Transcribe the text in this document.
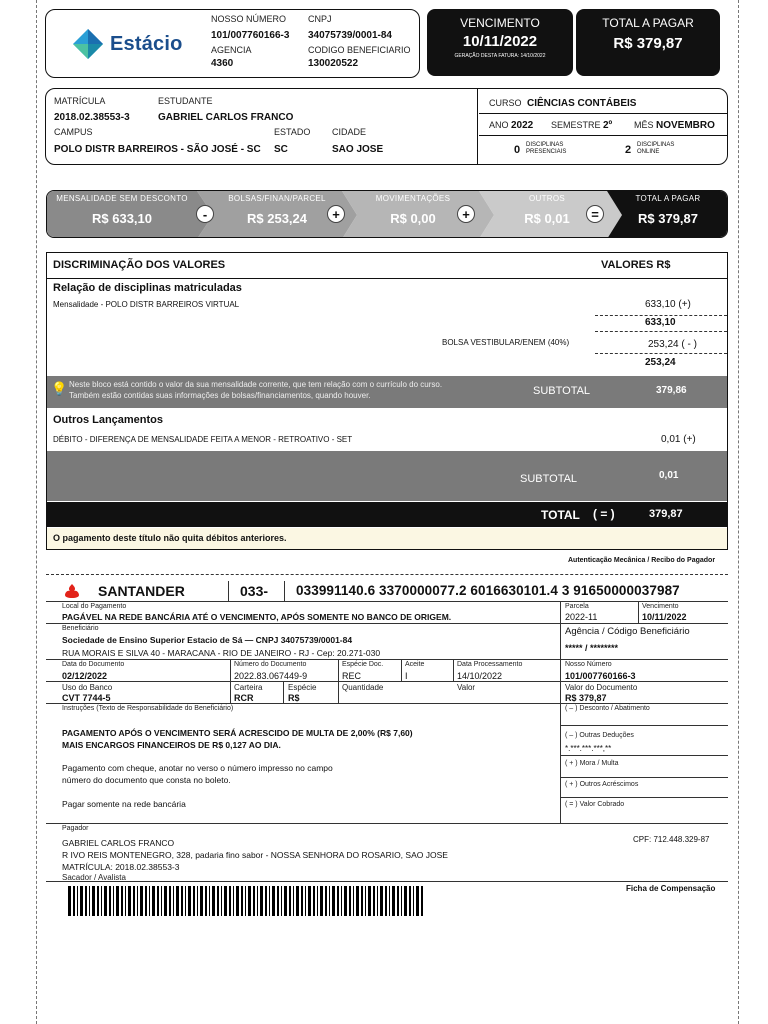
Estácio
NOSSO NÚMERO
101/007760166-3
CNPJ
34075739/0001-84
AGENCIA
4360
CODIGO BENEFICIARIO
130020522
VENCIMENTO
10/11/2022
GERAÇÃO DESTA FATURA: 14/10/2022
TOTAL A PAGAR
R$ 379,87
MATRÍCULA
2018.02.38553-3
ESTUDANTE
GABRIEL CARLOS FRANCO
CAMPUS
POLO DISTR BARREIROS - SÃO JOSÉ - SC
ESTADO
SC
CIDADE
SAO JOSE
CURSO CIÊNCIAS CONTÁBEIS
ANO 2022 SEMESTRE 2º MÊS NOVEMBRO
0 DISCIPLINAS PRESENCIAIS	2 DISCIPLINAS ONLINE
MENSALIDADE SEM DESCONTO
R$ 633,10	-
BOLSAS/FINAN/PARCEL
R$ 253,24	+
MOVIMENTAÇÕES
R$ 0,00	+
OUTROS
R$ 0,01	=
TOTAL A PAGAR
R$ 379,87
DISCRIMINAÇÃO DOS VALORES	VALORES R$
Relação de disciplinas matriculadas
Mensalidade - POLO DISTR BARREIROS VIRTUAL	633,10 (+)
633,10
BOLSA VESTIBULAR/ENEM (40%)	253,24 ( - )
253,24
💡 Neste bloco está contido o valor da sua mensalidade corrente, que tem relação com o currículo do curso.
Também estão contidas suas informações de bolsas/financiamentos, quando houver.	SUBTOTAL	379,86
Outros Lançamentos
DÉBITO - DIFERENÇA DE MENSALIDADE FEITA A MENOR - RETROATIVO - SET	0,01 (+)
SUBTOTAL	0,01
TOTAL ( = )	379,87
O pagamento deste título não quita débitos anteriores.
Autenticação Mecânica / Recibo do Pagador
SANTANDER	033- 033991140.6 3370000077.2 6016630101.4 3 91650000037987
Local do Pagamento
PAGÁVEL NA REDE BANCÁRIA ATÉ O VENCIMENTO, APÓS SOMENTE NO BANCO DE ORIGEM.
Parcela
2022-11
Vencimento
10/11/2022
Beneficiário
Sociedade de Ensino Superior Estacio de Sá — CNPJ 34075739/0001-84
RUA MORAIS E SILVA 40 - MARACANA - RIO DE JANEIRO - RJ - Cep: 20.271-030
Agência / Código Beneficiário
***** / ********
Data do Documento
02/12/2022
Número do Documento
2022.83.067449-9
Espécie Doc.
REC
Aceite
I
Data Processamento
14/10/2022
Nosso Número
101/007760166-3
Uso do Banco
CVT 7744-5
Carteira
RCR
Espécie
R$
Quantidade	Valor	Valor do Documento
R$ 379,87
Instruções (Texto de Responsabilidade do Beneficiário)
PAGAMENTO APÓS O VENCIMENTO SERÁ ACRESCIDO DE MULTA DE 2,00% (R$ 7,60)
MAIS ENCARGOS FINANCEIROS DE R$ 0,127 AO DIA.
Pagamento com cheque, anotar no verso o número impresso no campo
número do documento que consta no boleto.
Pagar somente na rede bancária
( – ) Desconto / Abatimento
( – ) Outras Deduções
*.***.***.***,**
( + ) Mora / Multa
( + ) Outros Acréscimos
( = ) Valor Cobrado
Pagador
GABRIEL CARLOS FRANCO
R IVO REIS MONTENEGRO, 328, padaria fino sabor - NOSSA SENHORA DO ROSARIO, SAO JOSE
MATRÍCULA: 2018.02.38553-3
CPF: 712.448.329-87
Sacador / Avalista
Ficha de Compensação
